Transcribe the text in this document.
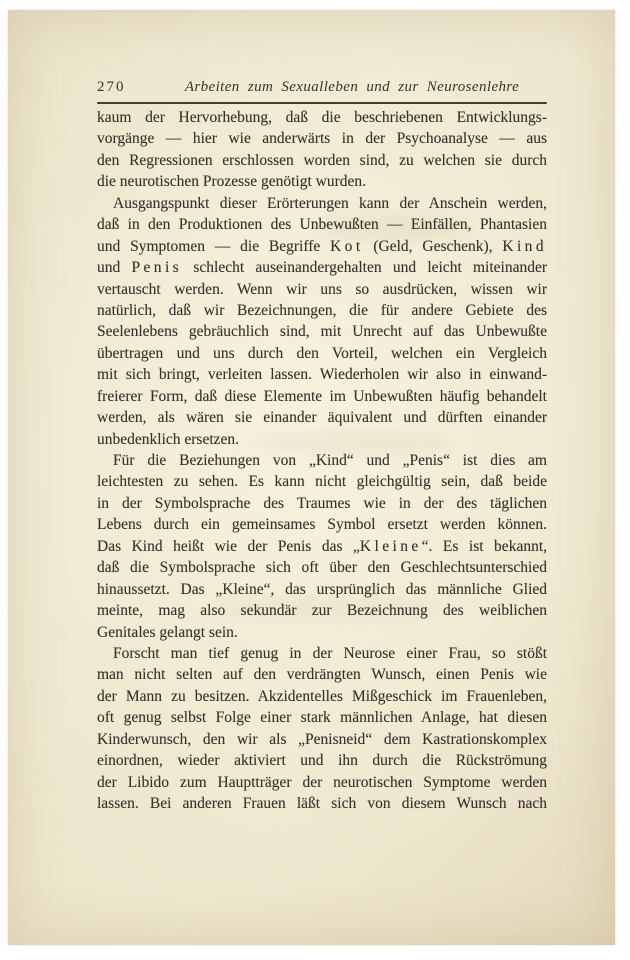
270	Arbeiten zum Sexualleben und zur Neurosenlehre
kaum der Hervorhebung, daß die beschriebenen Entwicklungs-
vorgänge — hier wie anderwärts in der Psychoanalyse — aus
den Regressionen erschlossen worden sind, zu welchen sie durch
die neurotischen Prozesse genötigt wurden.
Ausgangspunkt dieser Erörterungen kann der Anschein werden,
daß in den Produktionen des Unbewußten — Einfällen, Phantasien
und Symptomen — die Begriffe Kot (Geld, Geschenk), Kind
und Penis schlecht auseinandergehalten und leicht miteinander
vertauscht werden. Wenn wir uns so ausdrücken, wissen wir
natürlich, daß wir Bezeichnungen, die für andere Gebiete des
Seelenlebens gebräuchlich sind, mit Unrecht auf das Unbewußte
übertragen und uns durch den Vorteil, welchen ein Vergleich
mit sich bringt, verleiten lassen. Wiederholen wir also in einwand-
freierer Form, daß diese Elemente im Unbewußten häufig behandelt
werden, als wären sie einander äquivalent und dürften einander
unbedenklich ersetzen.
Für die Beziehungen von „Kind“ und „Penis“ ist dies am
leichtesten zu sehen. Es kann nicht gleichgültig sein, daß beide
in der Symbolsprache des Traumes wie in der des täglichen
Lebens durch ein gemeinsames Symbol ersetzt werden können.
Das Kind heißt wie der Penis das „Kleine“. Es ist bekannt,
daß die Symbolsprache sich oft über den Geschlechtsunterschied
hinaussetzt. Das „Kleine“, das ursprünglich das männliche Glied
meinte, mag also sekundär zur Bezeichnung des weiblichen
Genitales gelangt sein.
Forscht man tief genug in der Neurose einer Frau, so stößt
man nicht selten auf den verdrängten Wunsch, einen Penis wie
der Mann zu besitzen. Akzidentelles Mißgeschick im Frauenleben,
oft genug selbst Folge einer stark männlichen Anlage, hat diesen
Kinderwunsch, den wir als „Penisneid“ dem Kastrationskomplex
einordnen, wieder aktiviert und ihn durch die Rückströmung
der Libido zum Hauptträger der neurotischen Symptome werden
lassen. Bei anderen Frauen läßt sich von diesem Wunsch nach
